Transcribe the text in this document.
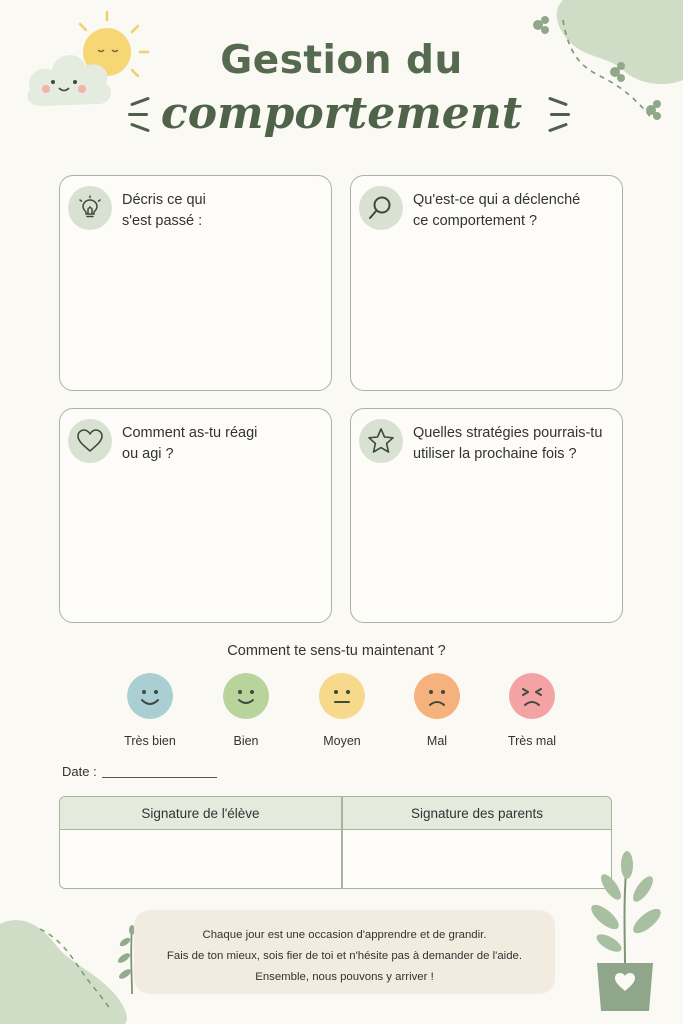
Gestion du
comportement
Décris ce qui
s'est passé :
Qu'est-ce qui a déclenché
ce comportement ?
Comment as-tu réagi
ou agi ?
Quelles stratégies pourrais-tu
utiliser la prochaine fois ?
Comment te sens-tu maintenant ?
Très bien	Bien	Moyen	Mal	Très mal
Date :
Signature de l'élève	Signature des parents
Chaque jour est une occasion d'apprendre et de grandir.
Fais de ton mieux, sois fier de toi et n'hésite pas à demander de l'aide.
Ensemble, nous pouvons y arriver !
